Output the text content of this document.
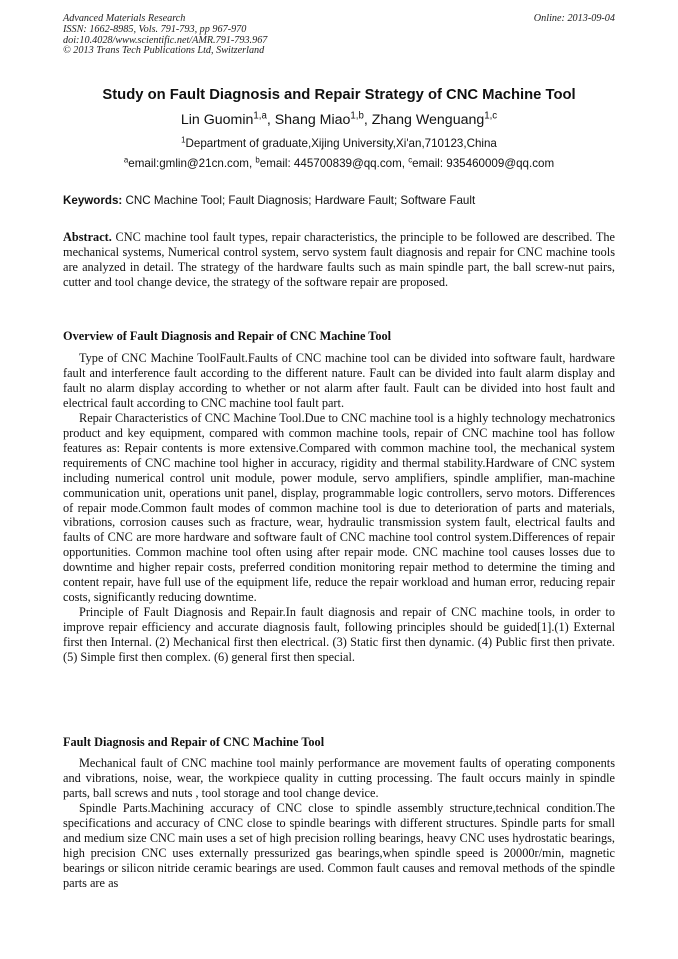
Advanced Materials Research
ISSN: 1662-8985, Vols. 791-793, pp 967-970
doi:10.4028/www.scientific.net/AMR.791-793.967
© 2013 Trans Tech Publications Ltd, Switzerland
Online: 2013-09-04
Study on Fault Diagnosis and Repair Strategy of CNC Machine Tool
Lin Guomin$^{1,a}$, Shang Miao$^{1,b}$, Zhang Wenguang$^{1,c}$
$^1$Department of graduate,Xijing University,Xi'an,710123,China
$^a$email:gmlin@21cn.com, $^b$email: 445700839@qq.com, $^c$email: 935460009@qq.com
Keywords: CNC Machine Tool; Fault Diagnosis; Hardware Fault; Software Fault

Abstract. CNC machine tool fault types, repair characteristics, the principle to be followed are described. The mechanical systems, Numerical control system, servo system fault diagnosis and repair for CNC machine tools are analyzed in detail. The strategy of the hardware faults such as main spindle part, the ball screw-nut pairs, cutter and tool change device, the strategy of the software repair are proposed.

Overview of Fault Diagnosis and Repair of CNC Machine Tool

Type of CNC Machine ToolFault.Faults of CNC machine tool can be divided into software fault, hardware fault and interference fault according to the different nature. Fault can be divided into fault alarm display and fault no alarm display according to whether or not alarm after fault. Fault can be divided into host fault and electrical fault according to CNC machine tool fault part.

Repair Characteristics of CNC Machine Tool.Due to CNC machine tool is a highly technology mechatronics product and key equipment, compared with common machine tools, repair of CNC machine tool has follow features as: Repair contents is more extensive.Compared with common machine tool, the mechanical system requirements of CNC machine tool higher in accuracy, rigidity and thermal stability.Hardware of CNC system including numerical control unit module, power module, servo amplifiers, spindle amplifier, man-machine communication unit, operations unit panel, display, programmable logic controllers, servo motors. Differences of repair mode.Common fault modes of common machine tool is due to deterioration of parts and materials, vibrations, corrosion causes such as fracture, wear, hydraulic transmission system fault, electrical faults and faults of CNC are more hardware and software fault of CNC machine tool control system.Differences of repair opportunities. Common machine tool often using after repair mode. CNC machine tool causes losses due to downtime and higher repair costs, preferred condition monitoring repair method to determine the timing and content repair, have full use of the equipment life, reduce the repair workload and human error, reducing repair costs, significantly reducing downtime.

Principle of Fault Diagnosis and Repair.In fault diagnosis and repair of CNC machine tools, in order to improve repair efficiency and accurate diagnosis fault, following principles should be guided[1].(1) External first then Internal. (2) Mechanical first then electrical. (3) Static first then dynamic. (4) Public first then private. (5) Simple first then complex. (6) general first then special.

Fault Diagnosis and Repair of CNC Machine Tool

Mechanical fault of CNC machine tool mainly performance are movement faults of operating components and vibrations, noise, wear, the workpiece quality in cutting processing. The fault occurs mainly in spindle parts, ball screws and nuts , tool storage and tool change device.

Spindle Parts.Machining accuracy of CNC close to spindle assembly structure,technical condition.The specifications and accuracy of CNC close to spindle bearings with different structures. Spindle parts for small and medium size CNC main uses a set of high precision rolling bearings, heavy CNC uses hydrostatic bearings, high precision CNC uses externally pressurized gas bearings,when spindle speed is 20000r/min, magnetic bearings or silicon nitride ceramic bearings are used. Common fault causes and removal methods of the spindle parts are as
